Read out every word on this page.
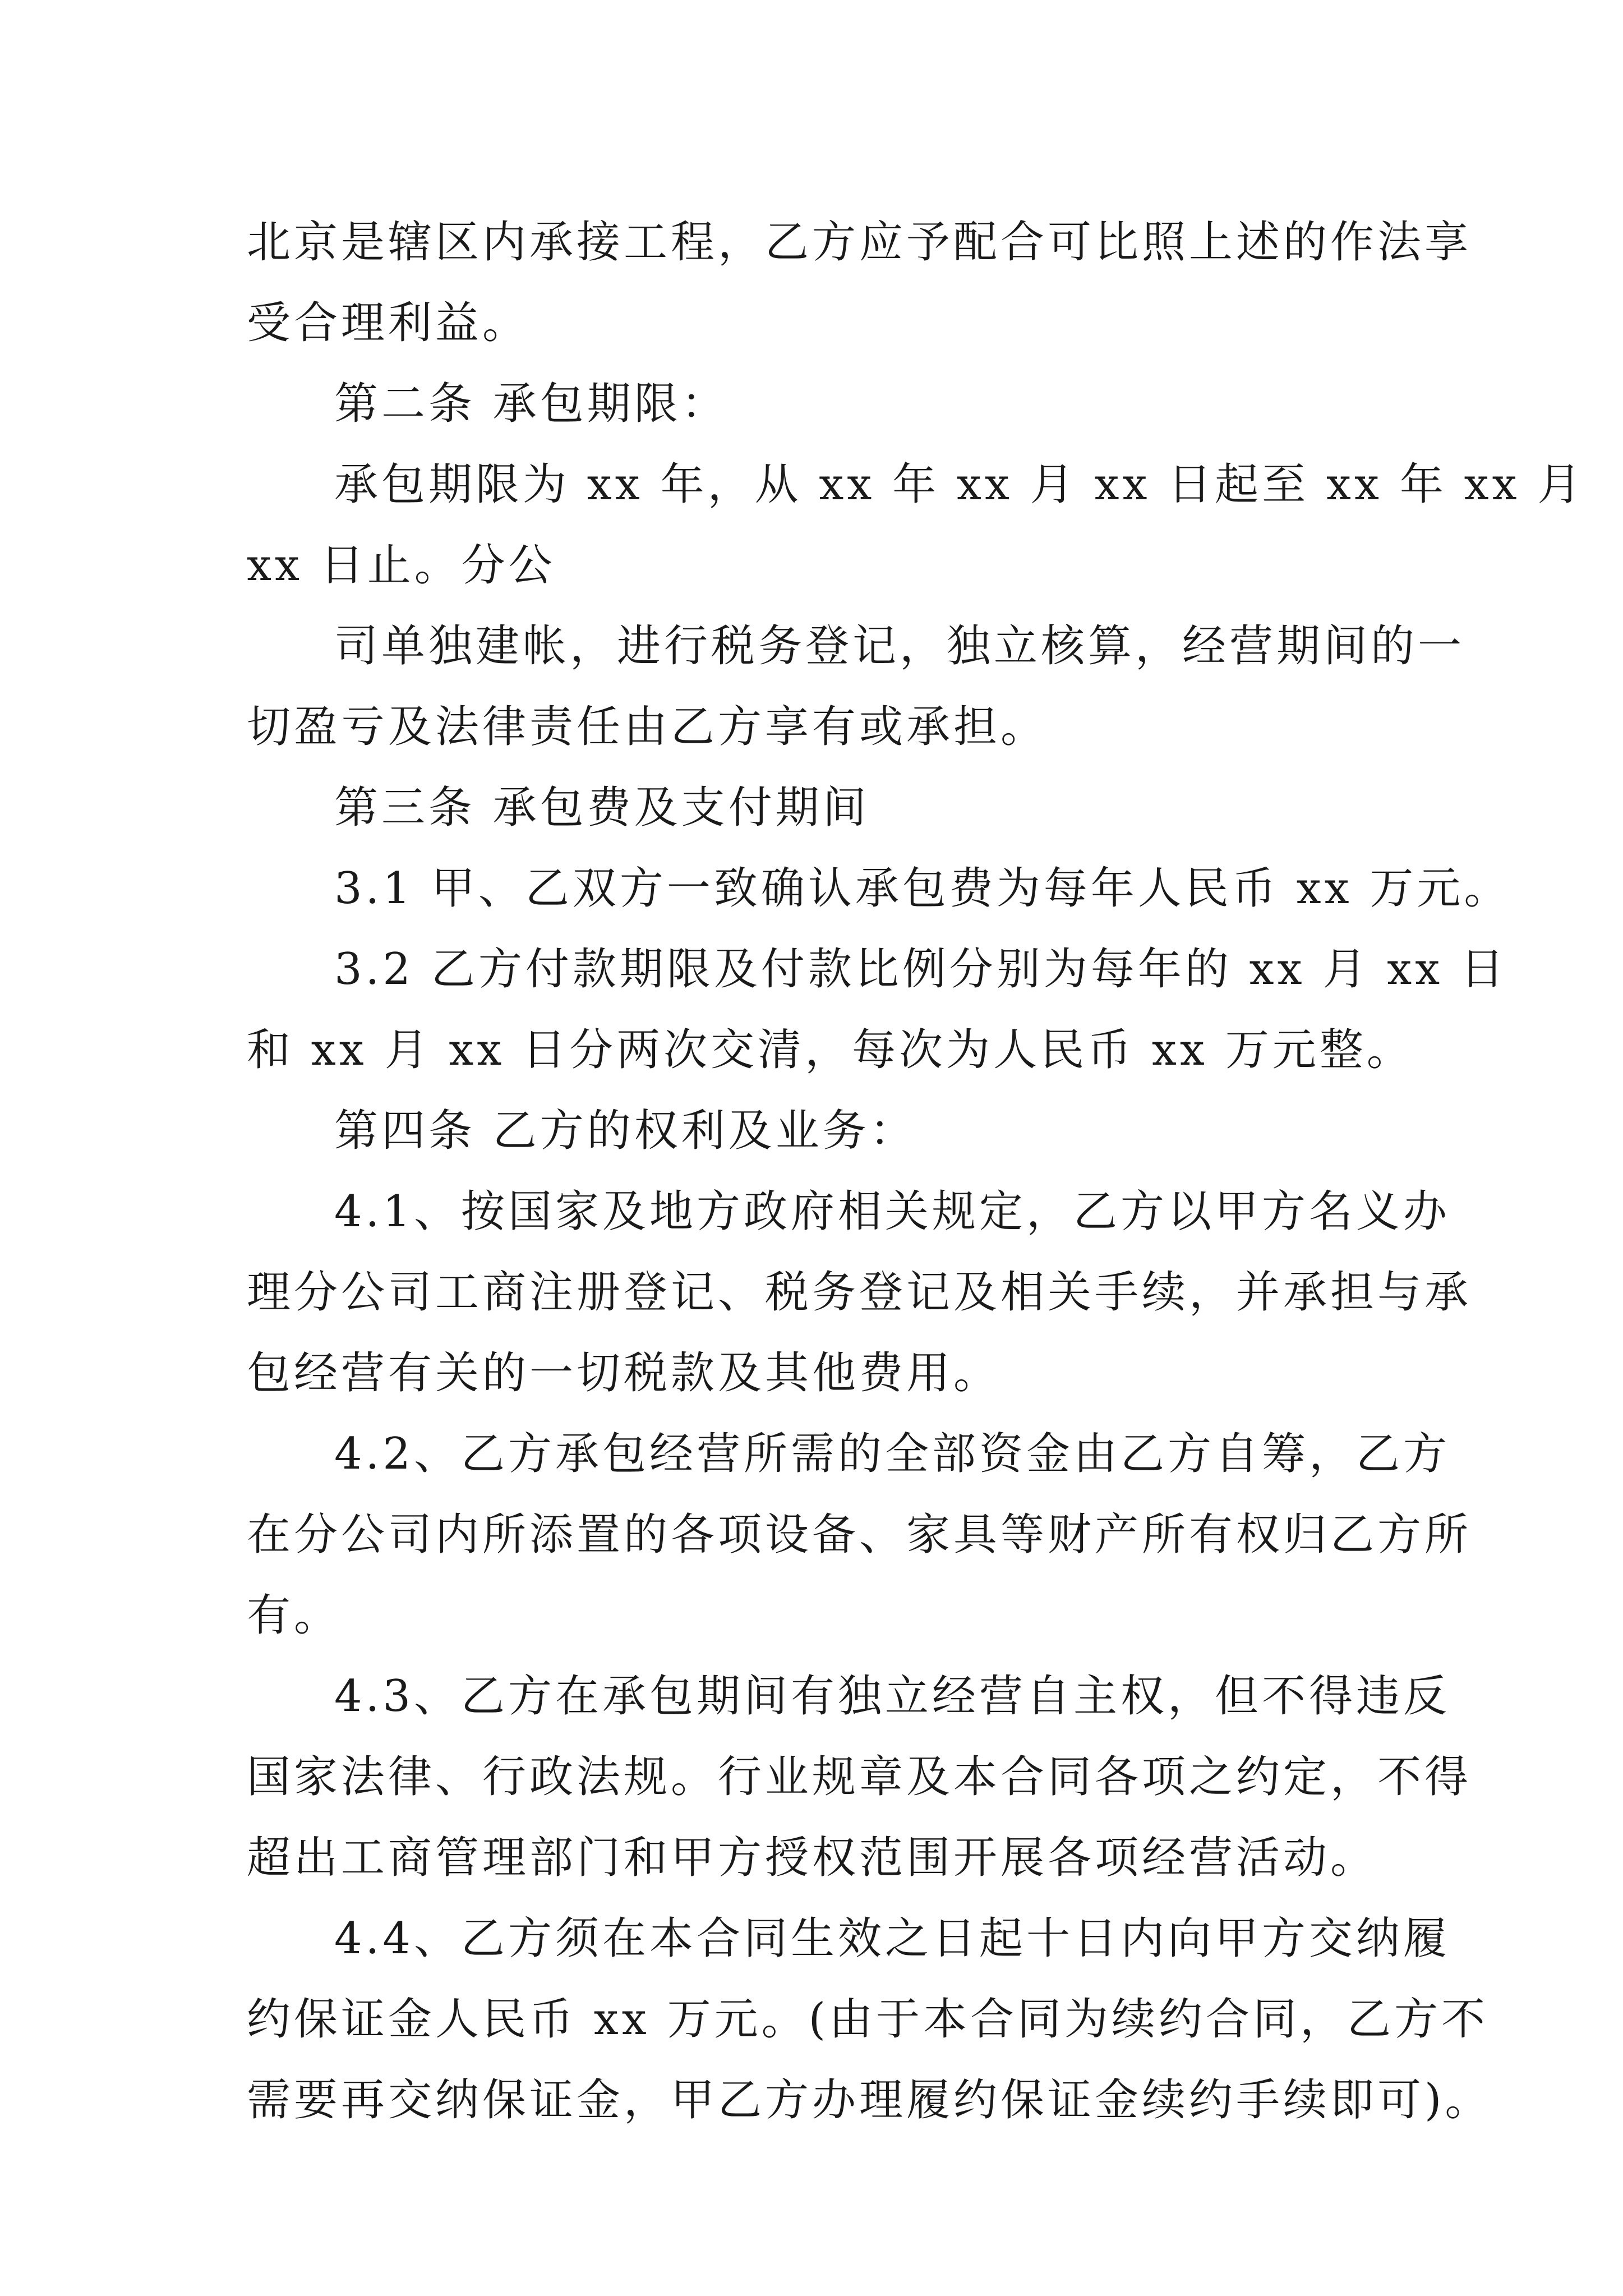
北京是辖区内承接工程，乙方应予配合可比照上述的作法享
受合理利益。
第二条 承包期限：
承包期限为 xx 年，从 xx 年 xx 月 xx 日起至 xx 年 xx 月
xx 日止。分公
司单独建帐，进行税务登记，独立核算，经营期间的一
切盈亏及法律责任由乙方享有或承担。
第三条 承包费及支付期间
3.1 甲、乙双方一致确认承包费为每年人民币 xx 万元。
3.2 乙方付款期限及付款比例分别为每年的 xx 月 xx 日
和 xx 月 xx 日分两次交清，每次为人民币 xx 万元整。
第四条 乙方的权利及业务：
4.1、按国家及地方政府相关规定，乙方以甲方名义办
理分公司工商注册登记、税务登记及相关手续，并承担与承
包经营有关的一切税款及其他费用。
4.2、乙方承包经营所需的全部资金由乙方自筹，乙方
在分公司内所添置的各项设备、家具等财产所有权归乙方所
有。
4.3、乙方在承包期间有独立经营自主权，但不得违反
国家法律、行政法规。行业规章及本合同各项之约定，不得
超出工商管理部门和甲方授权范围开展各项经营活动。
4.4、乙方须在本合同生效之日起十日内向甲方交纳履
约保证金人民币 xx 万元。(由于本合同为续约合同，乙方不
需要再交纳保证金，甲乙方办理履约保证金续约手续即可)。
